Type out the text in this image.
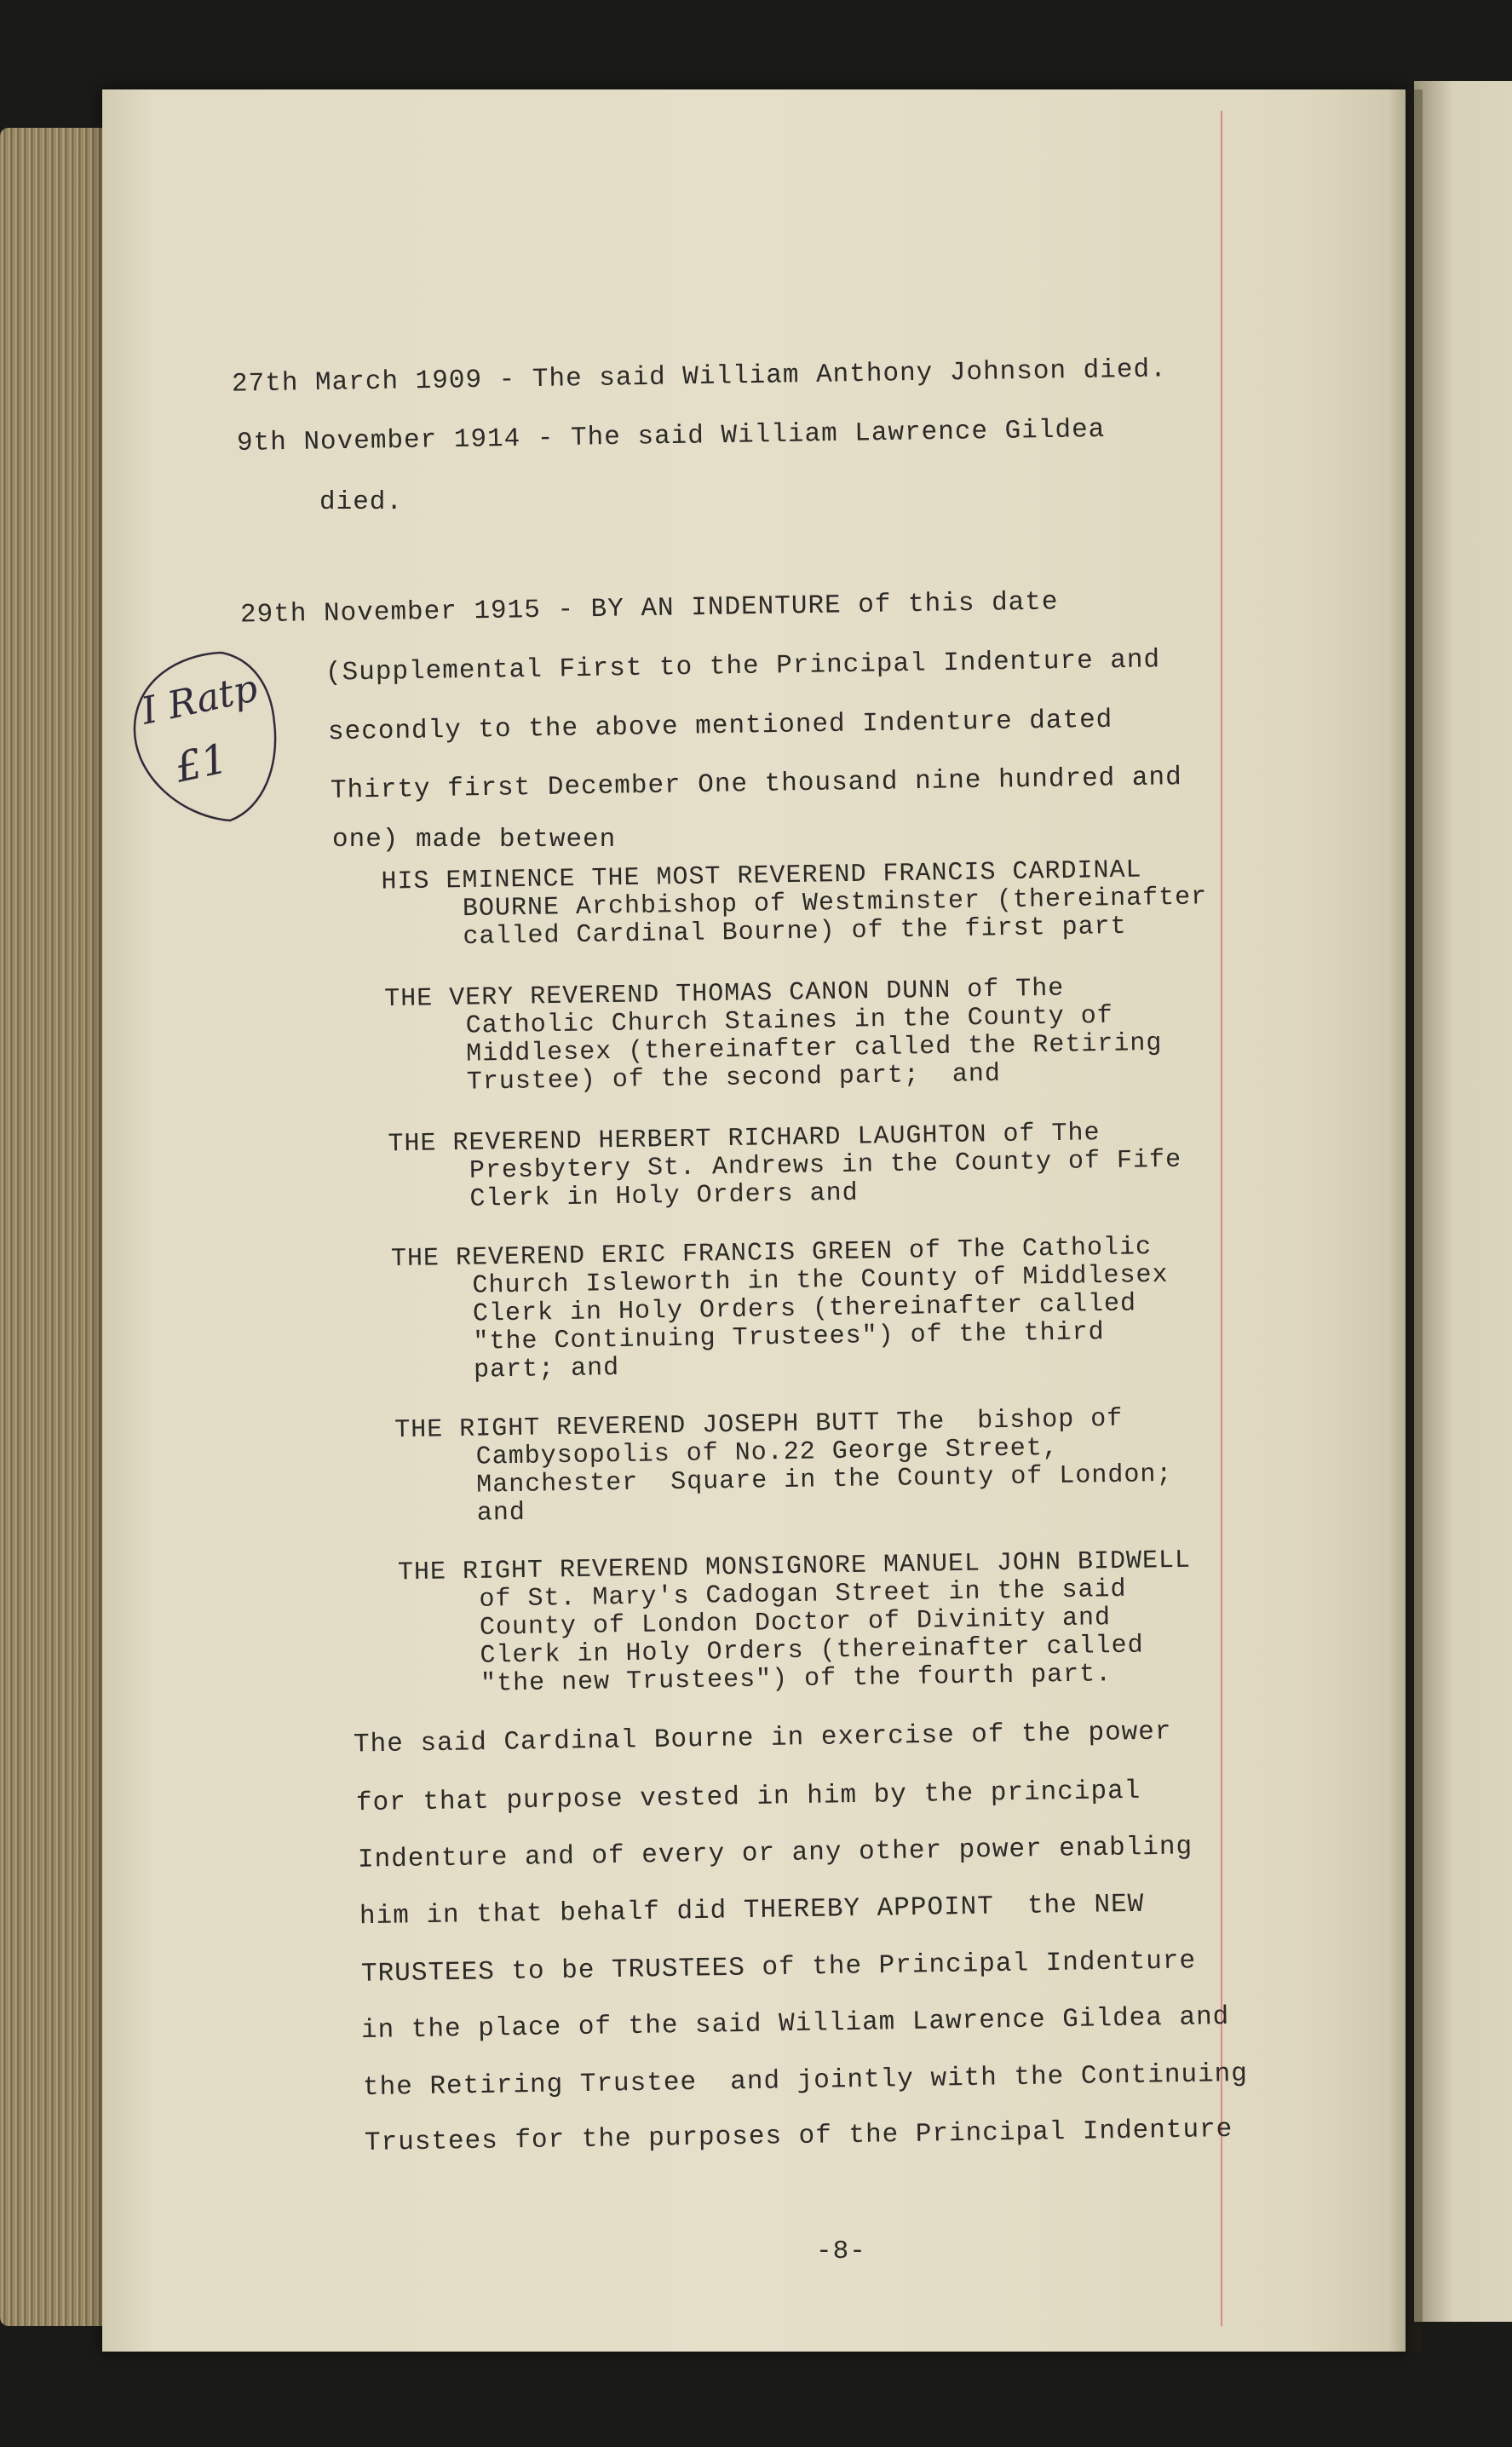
27th March 1909 - The said William Anthony Johnson died.
9th November 1914 - The said William Lawrence Gildea
died.
29th November 1915 - BY AN INDENTURE of this date
(Supplemental First to the Principal Indenture and
secondly to the above mentioned Indenture dated
Thirty first December One thousand nine hundred and
one) made between
I Ratp
£1
HIS EMINENCE THE MOST REVEREND FRANCIS CARDINAL
BOURNE Archbishop of Westminster (thereinafter
called Cardinal Bourne) of the first part
THE VERY REVEREND THOMAS CANON DUNN of The
Catholic Church Staines in the County of
Middlesex (thereinafter called the Retiring
Trustee) of the second part;  and
THE REVEREND HERBERT RICHARD LAUGHTON of The
Presbytery St. Andrews in the County of Fife
Clerk in Holy Orders and
THE REVEREND ERIC FRANCIS GREEN of The Catholic
Church Isleworth in the County of Middlesex
Clerk in Holy Orders (thereinafter called
"the Continuing Trustees") of the third
part; and
THE RIGHT REVEREND JOSEPH BUTT The  bishop of
Cambysopolis of No.22 George Street,
Manchester  Square in the County of London;
and
THE RIGHT REVEREND MONSIGNORE MANUEL JOHN BIDWELL
of St. Mary's Cadogan Street in the said
County of London Doctor of Divinity and
Clerk in Holy Orders (thereinafter called
"the new Trustees") of the fourth part.
The said Cardinal Bourne in exercise of the power
for that purpose vested in him by the principal
Indenture and of every or any other power enabling
him in that behalf did THEREBY APPOINT  the NEW
TRUSTEES to be TRUSTEES of the Principal Indenture
in the place of the said William Lawrence Gildea and
the Retiring Trustee  and jointly with the Continuing
Trustees for the purposes of the Principal Indenture
-8-
